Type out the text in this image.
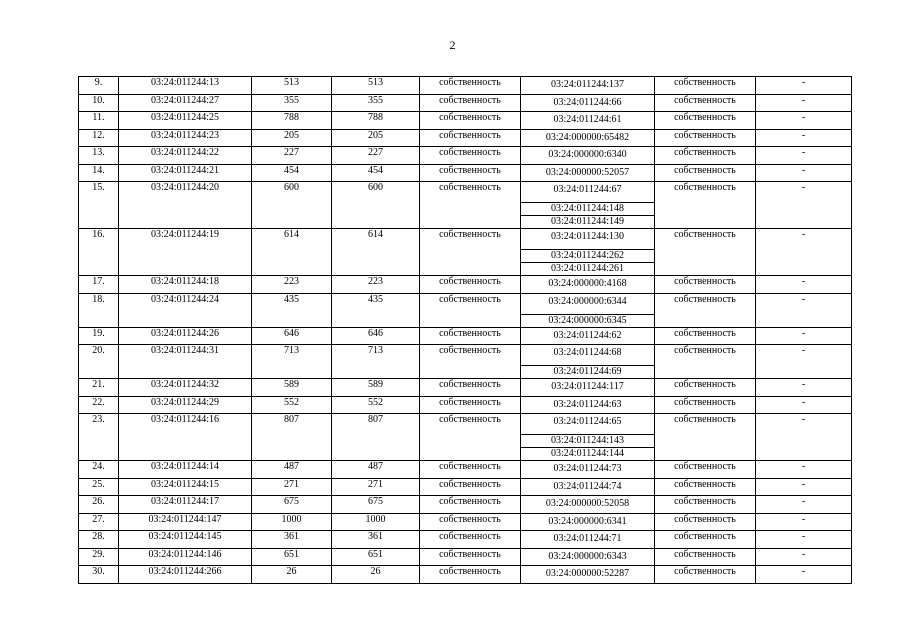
2
9.	03:24:011244:13	513	513	собственность	03:24:011244:137	собственность	-
10.	03:24:011244:27	355	355	собственность	03:24:011244:66	собственность	-
11.	03:24:011244:25	788	788	собственность	03:24:011244:61	собственность	-
12.	03:24:011244:23	205	205	собственность	03:24:000000:65482	собственность	-
13.	03:24:011244:22	227	227	собственность	03:24:000000:6340	собственность	-
14.	03:24:011244:21	454	454	собственность	03:24:000000:52057	собственность	-
15.	03:24:011244:20	600	600	собственность	03:24:011244:67
03:24:011244:148
03:24:011244:149	собственность	-
16.	03:24:011244:19	614	614	собственность	03:24:011244:130
03:24:011244:262
03:24:011244:261	собственность	-
17.	03:24:011244:18	223	223	собственность	03:24:000000:4168	собственность	-
18.	03:24:011244:24	435	435	собственность	03:24:000000:6344
03:24:000000:6345	собственность	-
19.	03:24:011244:26	646	646	собственность	03:24:011244:62	собственность	-
20.	03:24:011244:31	713	713	собственность	03:24:011244:68
03:24:011244:69	собственность	-
21.	03:24:011244:32	589	589	собственность	03:24:011244:117	собственность	-
22.	03:24:011244:29	552	552	собственность	03:24:011244:63	собственность	-
23.	03:24:011244:16	807	807	собственность	03:24:011244:65
03:24:011244:143
03:24:011244:144	собственность	-
24.	03:24:011244:14	487	487	собственность	03:24:011244:73	собственность	-
25.	03:24:011244:15	271	271	собственность	03:24:011244:74	собственность	-
26.	03:24:011244:17	675	675	собственность	03:24:000000:52058	собственность	-
27.	03:24:011244:147	1000	1000	собственность	03:24:000000:6341	собственность	-
28.	03:24:011244:145	361	361	собственность	03:24:011244:71	собственность	-
29.	03:24:011244:146	651	651	собственность	03:24:000000:6343	собственность	-
30.	03:24:011244:266	26	26	собственность	03:24:000000:52287	собственность	-
